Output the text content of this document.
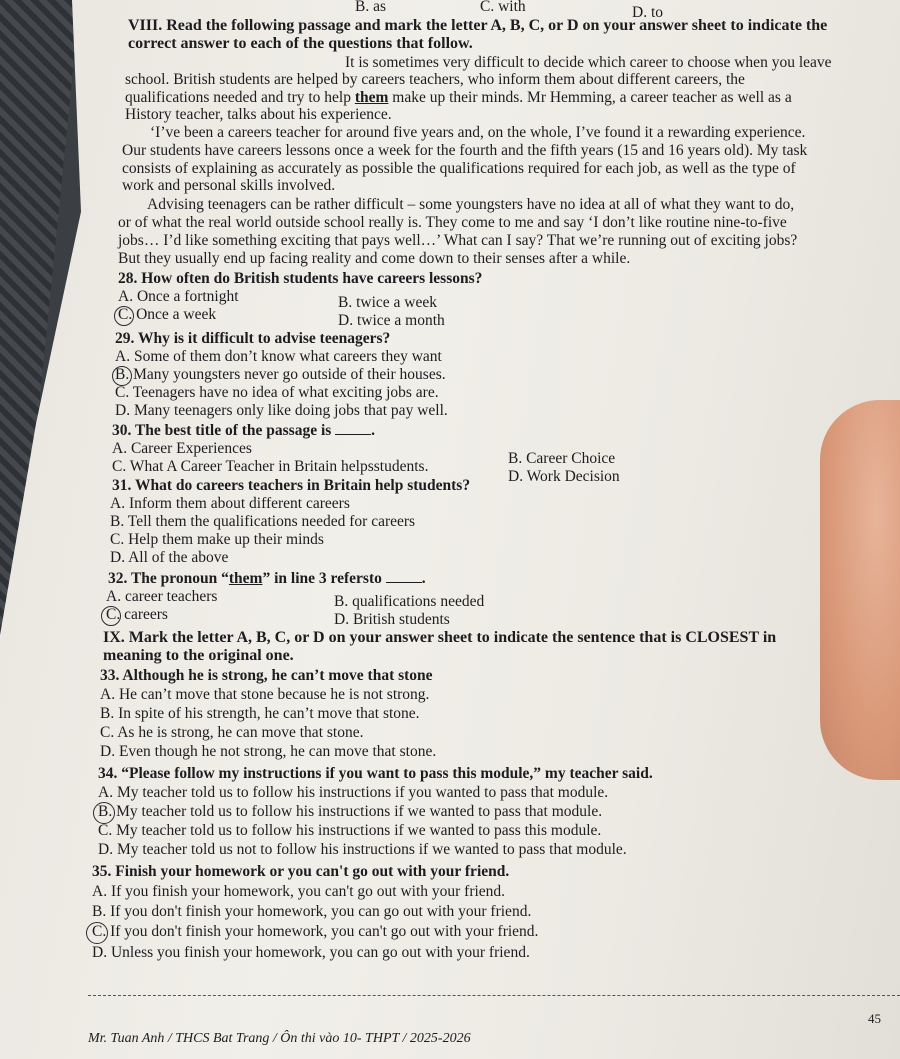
B. as	C. with	D. to
VIII. Read the following passage and mark the letter A, B, C, or D on your answer sheet to indicate the
correct answer to each of the questions that follow.
It is sometimes very difficult to decide which career to choose when you leave
school. British students are helped by careers teachers, who inform them about different careers, the
qualifications needed and try to help them make up their minds. Mr Hemming, a career teacher as well as a
History teacher, talks about his experience.
‘I’ve been a careers teacher for around five years and, on the whole, I’ve found it a rewarding experience.
Our students have careers lessons once a week for the fourth and the fifth years (15 and 16 years old). My task
consists of explaining as accurately as possible the qualifications required for each job, as well as the type of
work and personal skills involved.
Advising teenagers can be rather difficult – some youngsters have no idea at all of what they want to do,
or of what the real world outside school really is. They come to me and say ‘I don’t like routine nine-to-five
jobs… I’d like something exciting that pays well…’ What can I say? That we’re running out of exciting jobs?
But they usually end up facing reality and come down to their senses after a while.
28. How often do British students have careers lessons?
A. Once a fortnight	B. twice a week
C. Once a week	D. twice a month
29. Why is it difficult to advise teenagers?
A. Some of them don’t know what careers they want
B. Many youngsters never go outside of their houses.
C. Teenagers have no idea of what exciting jobs are.
D. Many teenagers only like doing jobs that pay well.
30. The best title of the passage is	.
A. Career Experiences
B. Career Choice
C. What A Career Teacher in Britain helpsstudents.
D. Work Decision
31. What do careers teachers in Britain help students?
A. Inform them about different careers
B. Tell them the qualifications needed for careers
C. Help them make up their minds
D. All of the above
32. The pronoun “them” in line 3 refersto	.
A. career teachers	B. qualifications needed
C. careers	D. British students
IX. Mark the letter A, B, C, or D on your answer sheet to indicate the sentence that is CLOSEST in
meaning to the original one.
33. Although he is strong, he can’t move that stone
A. He can’t move that stone because he is not strong.
B. In spite of his strength, he can’t move that stone.
C. As he is strong, he can move that stone.
D. Even though he not strong, he can move that stone.
34. “Please follow my instructions if you want to pass this module,” my teacher said.
A. My teacher told us to follow his instructions if you wanted to pass that module.
B. My teacher told us to follow his instructions if we wanted to pass that module.
C. My teacher told us to follow his instructions if we wanted to pass this module.
D. My teacher told us not to follow his instructions if we wanted to pass that module.
35. Finish your homework or you can't go out with your friend.
A. If you finish your homework, you can't go out with your friend.
B. If you don't finish your homework, you can go out with your friend.
C. If you don't finish your homework, you can't go out with your friend.
D. Unless you finish your homework, you can go out with your friend.
45
Mr. Tuan Anh / THCS Bat Trang / Ôn thi vào 10- THPT / 2025-2026
